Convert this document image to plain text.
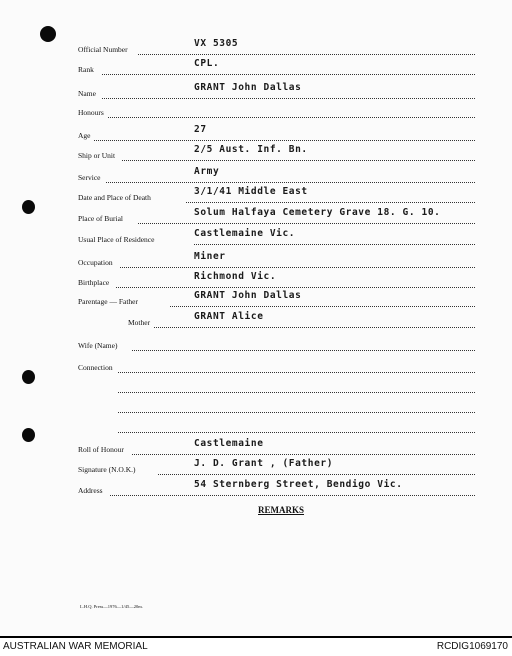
Official Number
VX 5305
Rank
CPL.
Name
GRANT John Dallas
Honours
Age
27
Ship or Unit
2/5 Aust. Inf. Bn.
Service
Army
Date and Place of Death
3/1/41 Middle East
Place of Burial
Solum Halfaya Cemetery Grave 18. G. 10.
Usual Place of Residence
Castlemaine Vic.
Occupation
Miner
Birthplace
Richmond Vic.
Parentage — Father
GRANT John Dallas
Mother
GRANT Alice
Wife (Name)
Connection
Roll of Honour
Castlemaine
Signature (N.O.K.)
J. D. Grant , (Father)
Address
54 Sternberg Street, Bendigo Vic.
REMARKS
L.H.Q. Press—1976—1/45—20m.
AUSTRALIAN WAR MEMORIAL	RCDIG1069170
